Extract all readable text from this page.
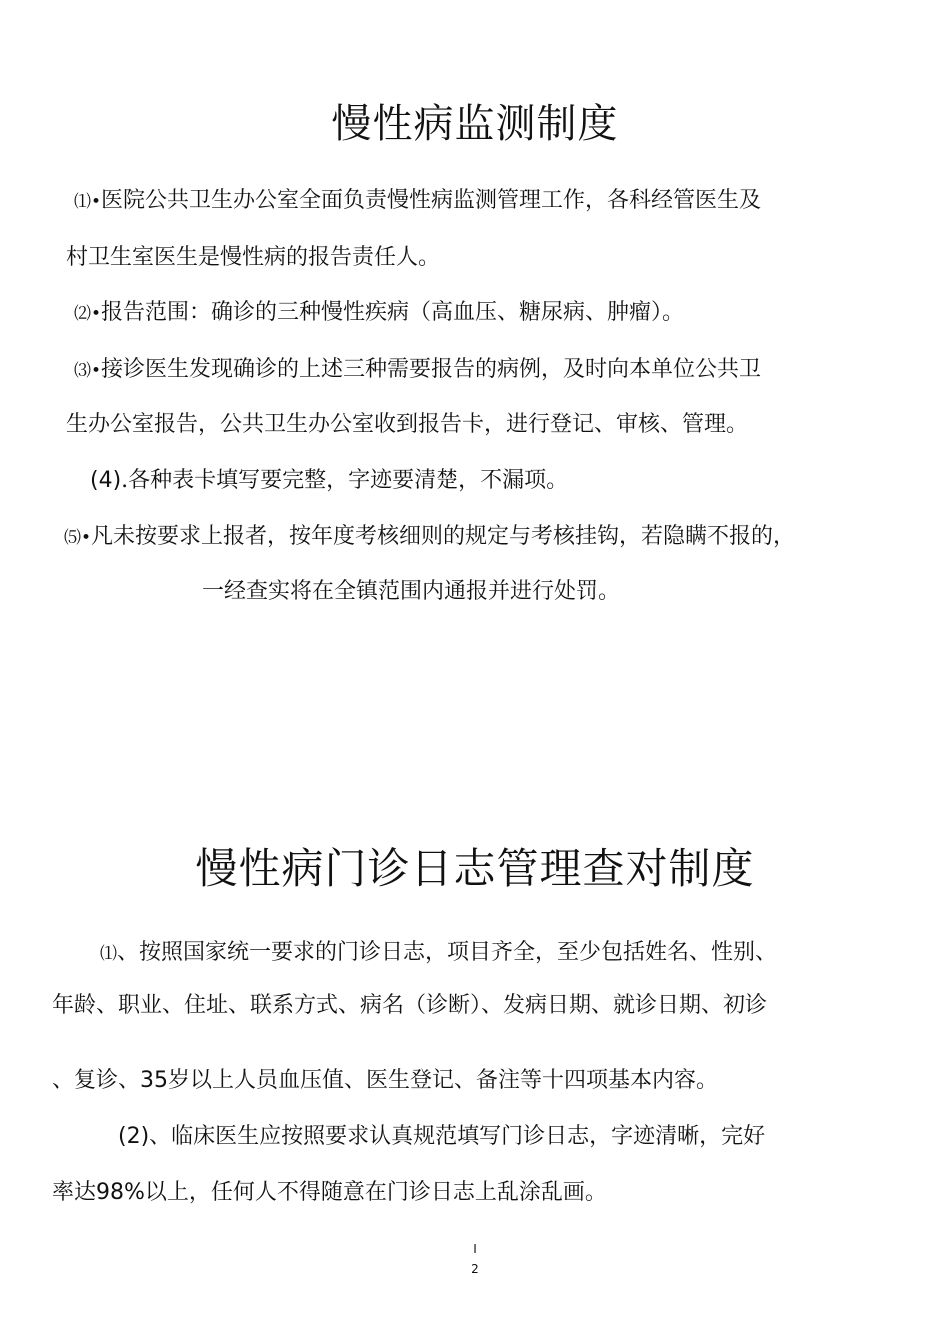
慢性病监测制度

⑴•医院公共卫生办公室全面负责慢性病监测管理工作，各科经管医生及

村卫生室医生是慢性病的报告责任人。

⑵•报告范围：确诊的三种慢性疾病（高血压、糖尿病、肿瘤）。

⑶•接诊医生发现确诊的上述三种需要报告的病例，及时向本单位公共卫

生办公室报告，公共卫生办公室收到报告卡，进行登记、审核、管理。

(4).各种表卡填写要完整，字迹要清楚，不漏项。

⑸•凡未按要求上报者，按年度考核细则的规定与考核挂钩，若隐瞒不报的，

一经查实将在全镇范围内通报并进行处罚。

慢性病门诊日志管理查对制度

⑴、按照国家统一要求的门诊日志，项目齐全，至少包括姓名、性别、

年龄、职业、住址、联系方式、病名（诊断）、发病日期、就诊日期、初诊

、复诊、35岁以上人员血压值、医生登记、备注等十四项基本内容。

(2)、临床医生应按照要求认真规范填写门诊日志，字迹清晰，完好

率达98%以上，任何人不得随意在门诊日志上乱涂乱画。

I

2
